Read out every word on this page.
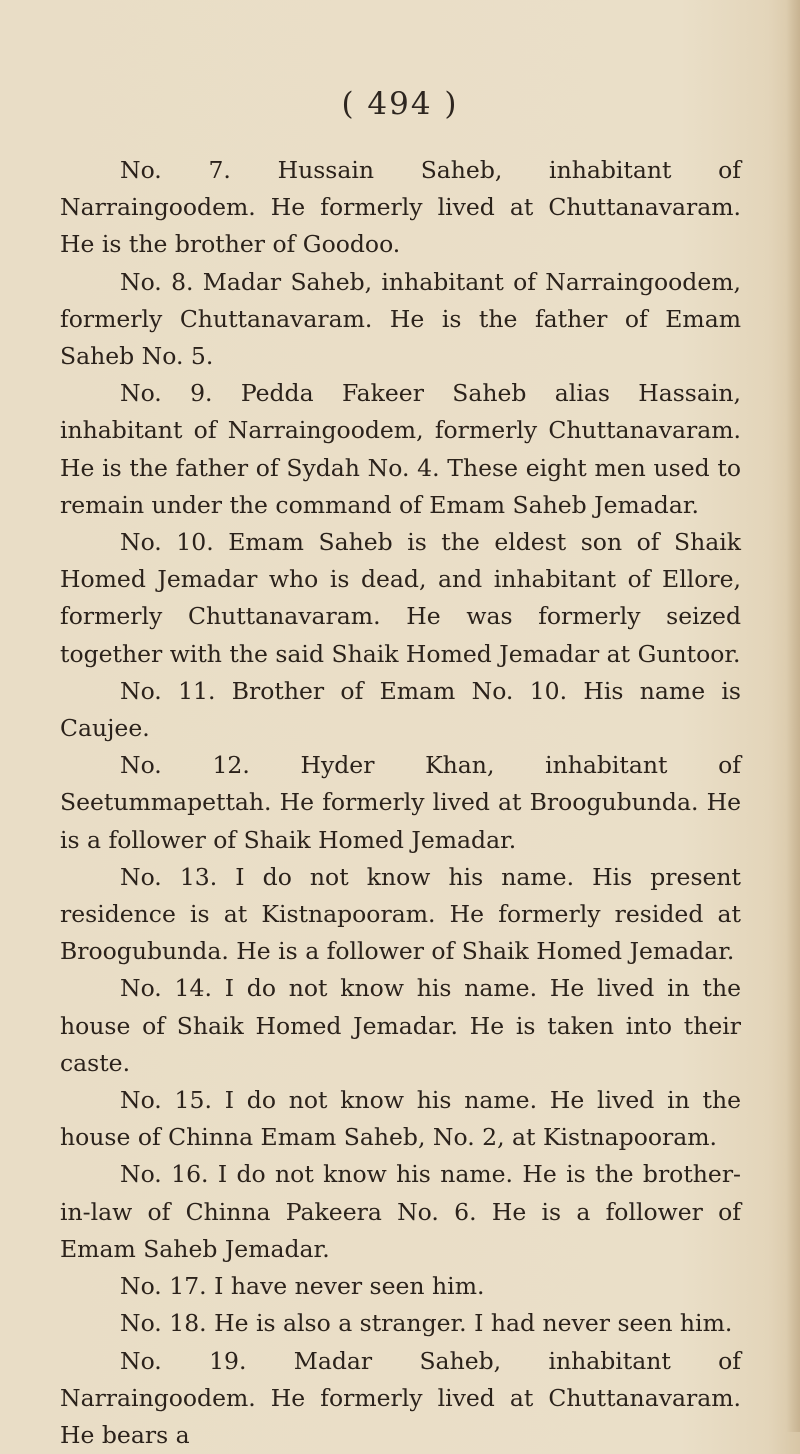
( 494 )

No. 7. Hussain Saheb, inhabitant of Narraingoodem. He formerly lived at Chuttanavaram. He is the brother of Goodoo.

No. 8. Madar Saheb, inhabitant of Narraingoodem, formerly Chuttanavaram. He is the father of Emam Saheb No. 5.

No. 9. Pedda Fakeer Saheb alias Hassain, inhabitant of Narraingoodem, formerly Chuttanavaram. He is the father of Sydah No. 4. These eight men used to remain under the command of Emam Saheb Jemadar.

No. 10. Emam Saheb is the eldest son of Shaik Homed Jemadar who is dead, and inhabitant of Ellore, formerly Chuttanavaram. He was formerly seized together with the said Shaik Homed Jemadar at Guntoor.

No. 11. Brother of Emam No. 10. His name is Caujee.

No. 12. Hyder Khan, inhabitant of Seetummapettah. He formerly lived at Broogubunda. He is a follower of Shaik Homed Jemadar.

No. 13. I do not know his name. His present residence is at Kistnapooram. He formerly resided at Broogubunda. He is a follower of Shaik Homed Jemadar.

No. 14. I do not know his name. He lived in the house of Shaik Homed Jemadar. He is taken into their caste.

No. 15. I do not know his name. He lived in the house of Chinna Emam Saheb, No. 2, at Kistnapooram.

No. 16. I do not know his name. He is the brother-in-law of Chinna Pakeera No. 6. He is a follower of Emam Saheb Jemadar.

No. 17. I have never seen him.

No. 18. He is also a stranger. I had never seen him.

No. 19. Madar Saheb, inhabitant of Narraingoodem. He formerly lived at Chuttanavaram. He bears a
